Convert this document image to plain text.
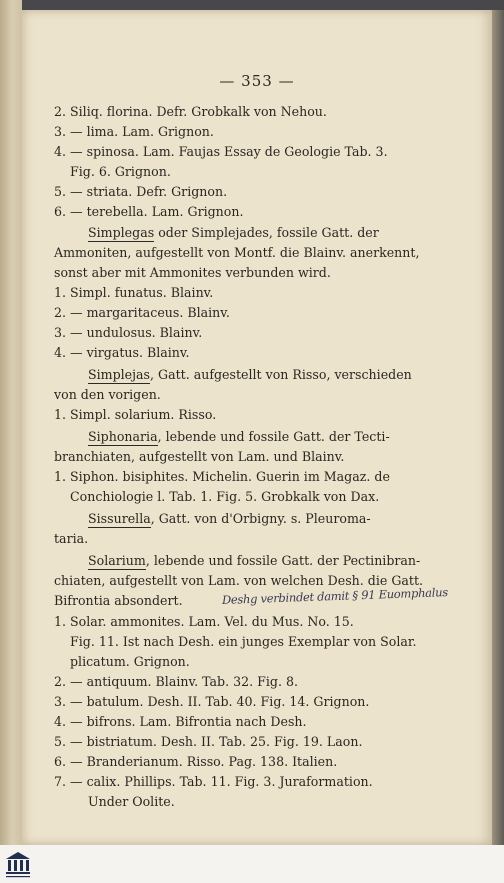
— 353 —
Deshg verbindet damit § 91 Euomphalus
2. Siliq. florina. Defr. Grobkalk von Nehou.
3. — lima. Lam. Grignon.
4. — spinosa. Lam. Faujas Essay de Geologie Tab. 3.
Fig. 6. Grignon.
5. — striata. Defr. Grignon.
6. — terebella. Lam. Grignon.
Simplegas oder Simplejades, fossile Gatt. der
Ammoniten, aufgestellt von Montf. die Blainv. anerkennt,
sonst aber mit Ammonites verbunden wird.
1. Simpl. funatus. Blainv.
2. — margaritaceus. Blainv.
3. — undulosus. Blainv.
4. — virgatus. Blainv.
Simplejas, Gatt. aufgestellt von Risso, verschieden
von den vorigen.
1. Simpl. solarium. Risso.
Siphonaria, lebende und fossile Gatt. der Tecti-
branchiaten, aufgestellt von Lam. und Blainv.
1. Siphon. bisiphites. Michelin. Guerin im Magaz. de
Conchiologie l. Tab. 1. Fig. 5. Grobkalk von Dax.
Sissurella, Gatt. von d'Orbigny. s. Pleuroma-
taria.
Solarium, lebende und fossile Gatt. der Pectinibran-
chiaten, aufgestellt von Lam. von welchen Desh. die Gatt.
Bifrontia absondert.
1. Solar. ammonites. Lam. Vel. du Mus. No. 15.
Fig. 11. Ist nach Desh. ein junges Exemplar von Solar.
plicatum. Grignon.
2. — antiquum. Blainv. Tab. 32. Fig. 8.
3. — batulum. Desh. II. Tab. 40. Fig. 14. Grignon.
4. — bifrons. Lam. Bifrontia nach Desh.
5. — bistriatum. Desh. II. Tab. 25. Fig. 19. Laon.
6. — Branderianum. Risso. Pag. 138. Italien.
7. — calix. Phillips. Tab. 11. Fig. 3. Juraformation.
Under Oolite.
